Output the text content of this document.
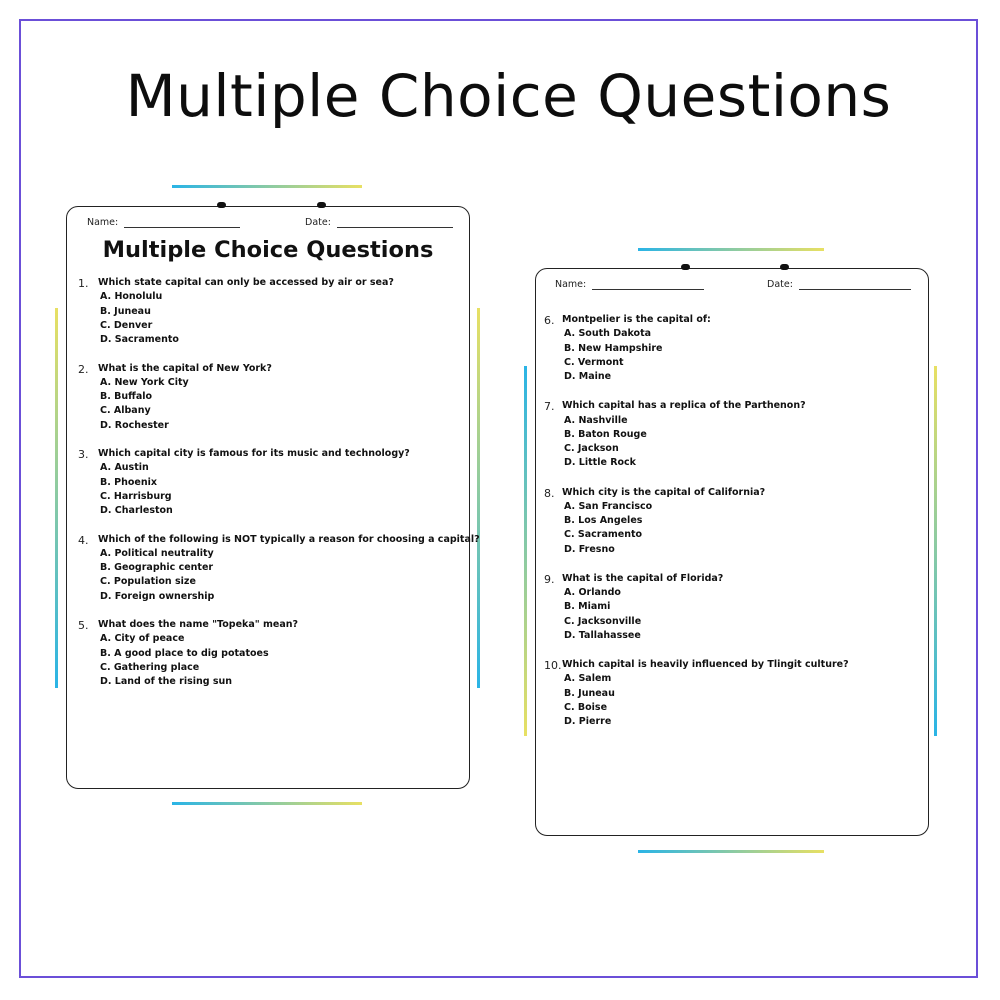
Multiple Choice Questions
Name:	Date:
Multiple Choice Questions
1. Which state capital can only be accessed by air or sea?
A. Honolulu
B. Juneau
C. Denver
D. Sacramento
2. What is the capital of New York?
A. New York City
B. Buffalo
C. Albany
D. Rochester
3. Which capital city is famous for its music and technology?
A. Austin
B. Phoenix
C. Harrisburg
D. Charleston
4. Which of the following is NOT typically a reason for choosing a capital?
A. Political neutrality
B. Geographic center
C. Population size
D. Foreign ownership
5. What does the name "Topeka" mean?
A. City of peace
B. A good place to dig potatoes
C. Gathering place
D. Land of the rising sun
Name:	Date:
6. Montpelier is the capital of:
A. South Dakota
B. New Hampshire
C. Vermont
D. Maine
7. Which capital has a replica of the Parthenon?
A. Nashville
B. Baton Rouge
C. Jackson
D. Little Rock
8. Which city is the capital of California?
A. San Francisco
B. Los Angeles
C. Sacramento
D. Fresno
9. What is the capital of Florida?
A. Orlando
B. Miami
C. Jacksonville
D. Tallahassee
10. Which capital is heavily influenced by Tlingit culture?
A. Salem
B. Juneau
C. Boise
D. Pierre
